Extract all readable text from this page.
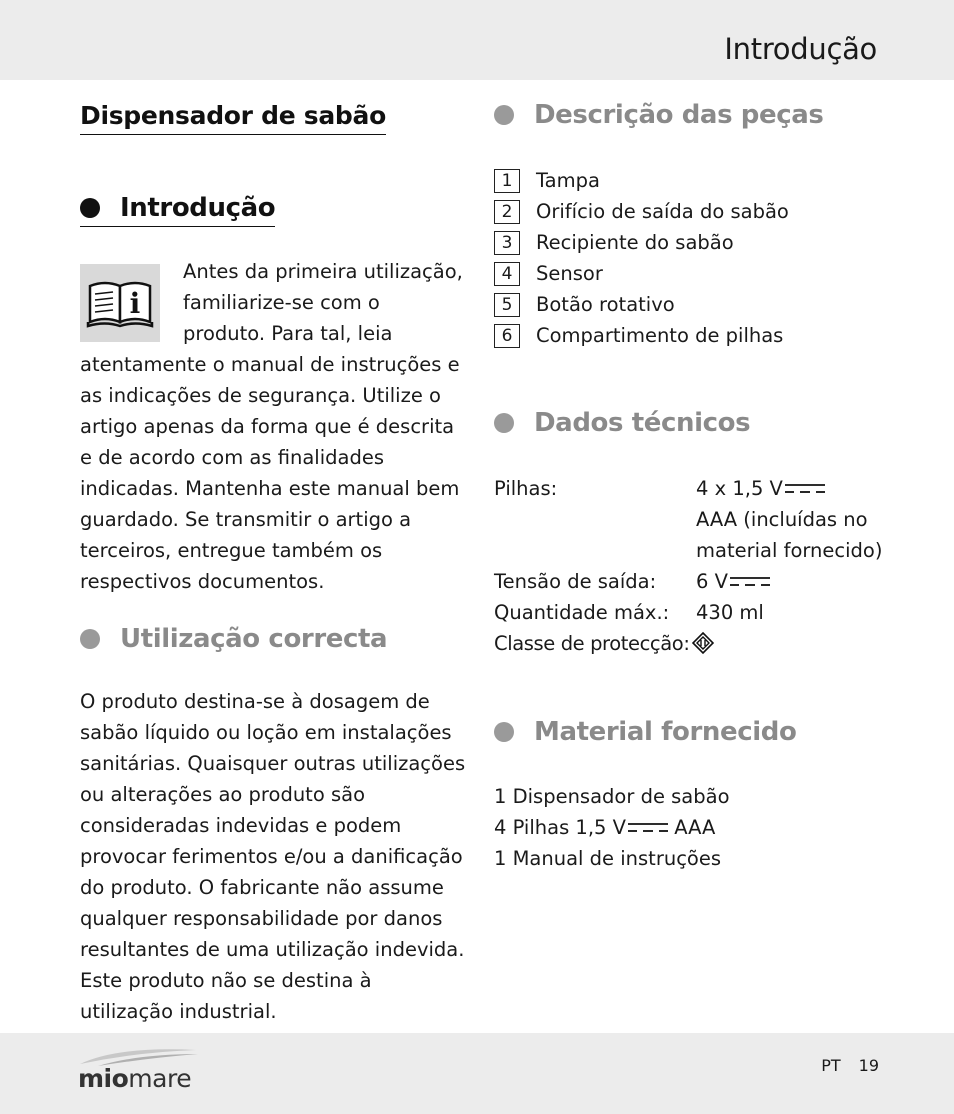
Introdução
Dispensador de sabão
Introdução
i

Antes da primeira utilização, familiarize-se com o produto. Para tal, leia atentamente o manual de instruções e as indicações de segurança. Utilize o artigo apenas da forma que é descrita e de acordo com as finalidades indicadas. Mantenha este manual bem guardado. Se transmitir o artigo a terceiros, entregue também os respectivos documentos.

Utilização correcta

O produto destina-se à dosagem de sabão líquido ou loção em instalações sanitárias. Quaisquer outras utilizações ou alterações ao produto são consideradas indevidas e podem provocar ferimentos e/ou a danificação do produto. O fabricante não assume qualquer responsabilidade por danos resultantes de uma utilização indevida. Este produto não se destina à utilização industrial.

Descrição das peças
1	Tampa
2	Orifício de saída do sabão
3	Recipiente do sabão
4	Sensor
5	Botão rotativo
6	Compartimento de pilhas
Dados técnicos
Pilhas:	4 x 1,5 V
AAA (incluídas no
material fornecido)
Tensão de saída:	6 V
Quantidade máx.:	430 ml
Classe de protecção:
Material fornecido
1 Dispensador de sabão
4 Pilhas 1,5 V AAA
1 Manual de instruções
miomare	PT 19
